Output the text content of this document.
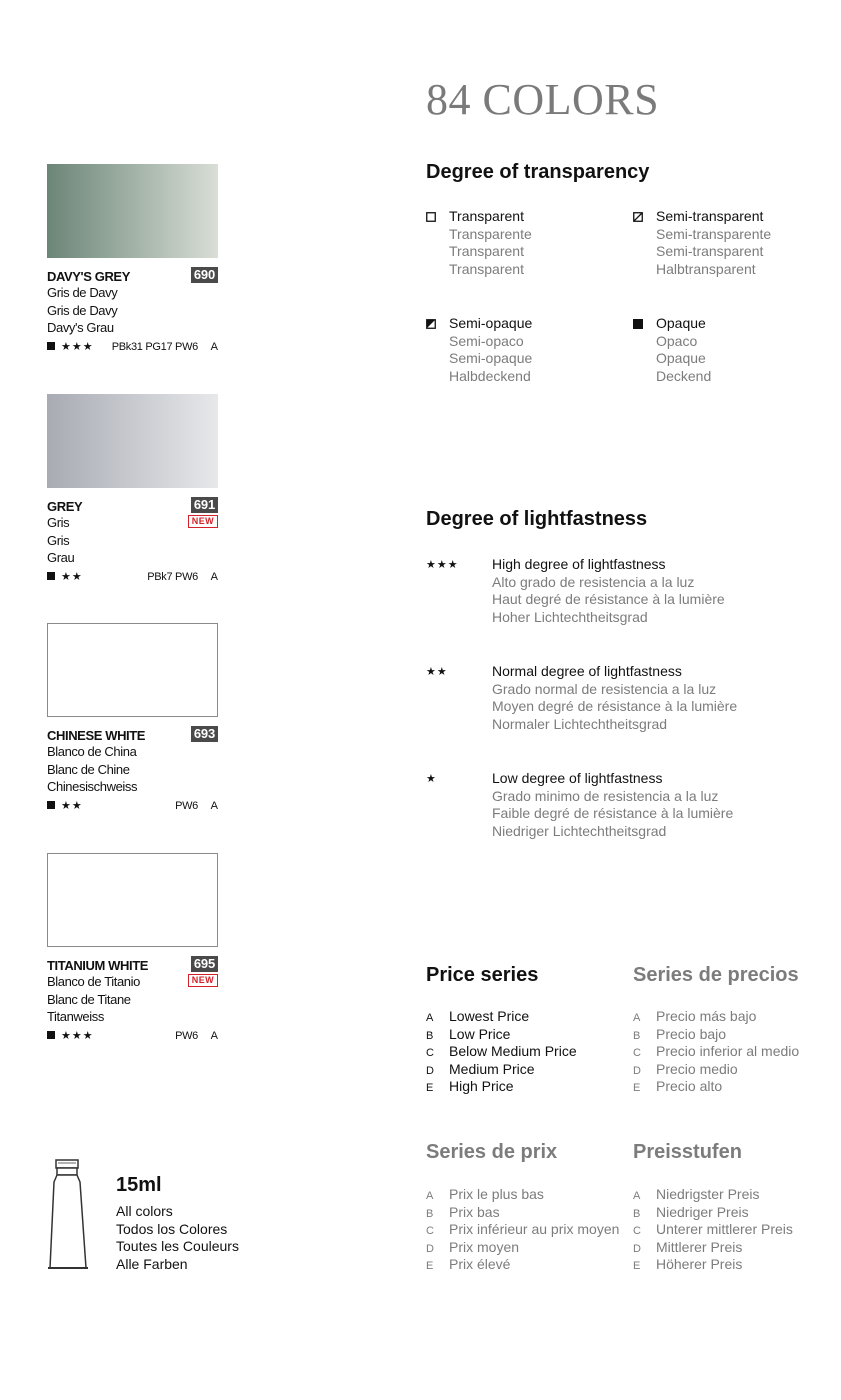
DAVY'S GREY	690
Gris de Davy
Gris de Davy
Davy's Grau
★★★ PBk31 PG17 PW6 A
GREY	691
NEW
Gris
Gris
Grau
★★	PBk7 PW6 A
CHINESE WHITE	693
Blanco de China
Blanc de Chine
Chinesischweiss
★★	PW6 A
TITANIUM WHITE	695
NEW
Blanco de Titanio
Blanc de Titane
Titanweiss
★★★	PW6 A
15ml
All colors
Todos los Colores
Toutes les Couleurs
Alle Farben
84 COLORS
Degree of transparency
Transparent
Transparente
Transparent
Transparent
Semi-transparent
Semi-transparente
Semi-transparent
Halbtransparent
Semi-opaque
Semi-opaco
Semi-opaque
Halbdeckend
Opaque
Opaco
Opaque
Deckend
Degree of lightfastness
★★★ High degree of lightfastness
Alto grado de resistencia a la luz
Haut degré de résistance à la lumière
Hoher Lichtechtheitsgrad
★★	Normal degree of lightfastness
Grado normal de resistencia a la luz
Moyen degré de résistance à la lumière
Normaler Lichtechtheitsgrad
★	Low degree of lightfastness
Grado minimo de resistencia a la luz
Faible degré de résistance à la lumière
Niedriger Lichtechtheitsgrad
Price series
A Lowest Price
B Low Price
C Below Medium Price
D Medium Price
E High Price
Series de precios
A Precio más bajo
B Precio bajo
C Precio inferior al medio
D Precio medio
E Precio alto
Series de prix
A Prix le plus bas
B Prix bas
C Prix inférieur au prix moyen
D Prix moyen
E Prix élevé
Preisstufen
A Niedrigster Preis
B Niedriger Preis
C Unterer mittlerer Preis
D Mittlerer Preis
E Höherer Preis
